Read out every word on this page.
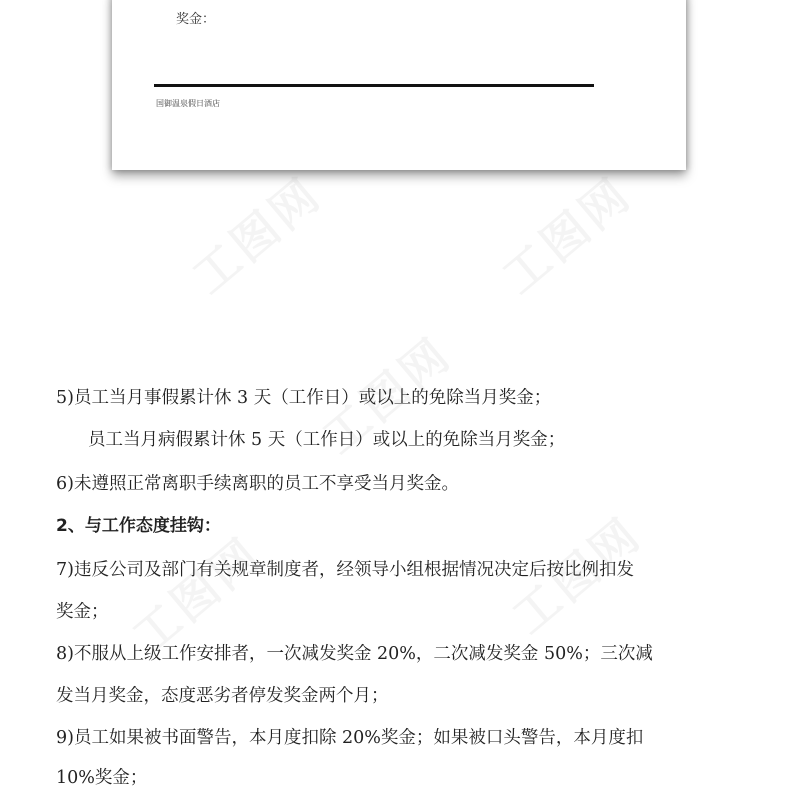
奖金：
国御温泉假日酒店
5)员工当月事假累计休 3 天（工作日）或以上的免除当月奖金；
员工当月病假累计休 5 天（工作日）或以上的免除当月奖金；
6)未遵照正常离职手续离职的员工不享受当月奖金。
2、与工作态度挂钩：
7)违反公司及部门有关规章制度者，经领导小组根据情况决定后按比例扣发
奖金；
8)不服从上级工作安排者，一次减发奖金 20%，二次减发奖金 50%；三次减
发当月奖金，态度恶劣者停发奖金两个月；
9)员工如果被书面警告，本月度扣除 20%奖金；如果被口头警告，本月度扣
10%奖金；
